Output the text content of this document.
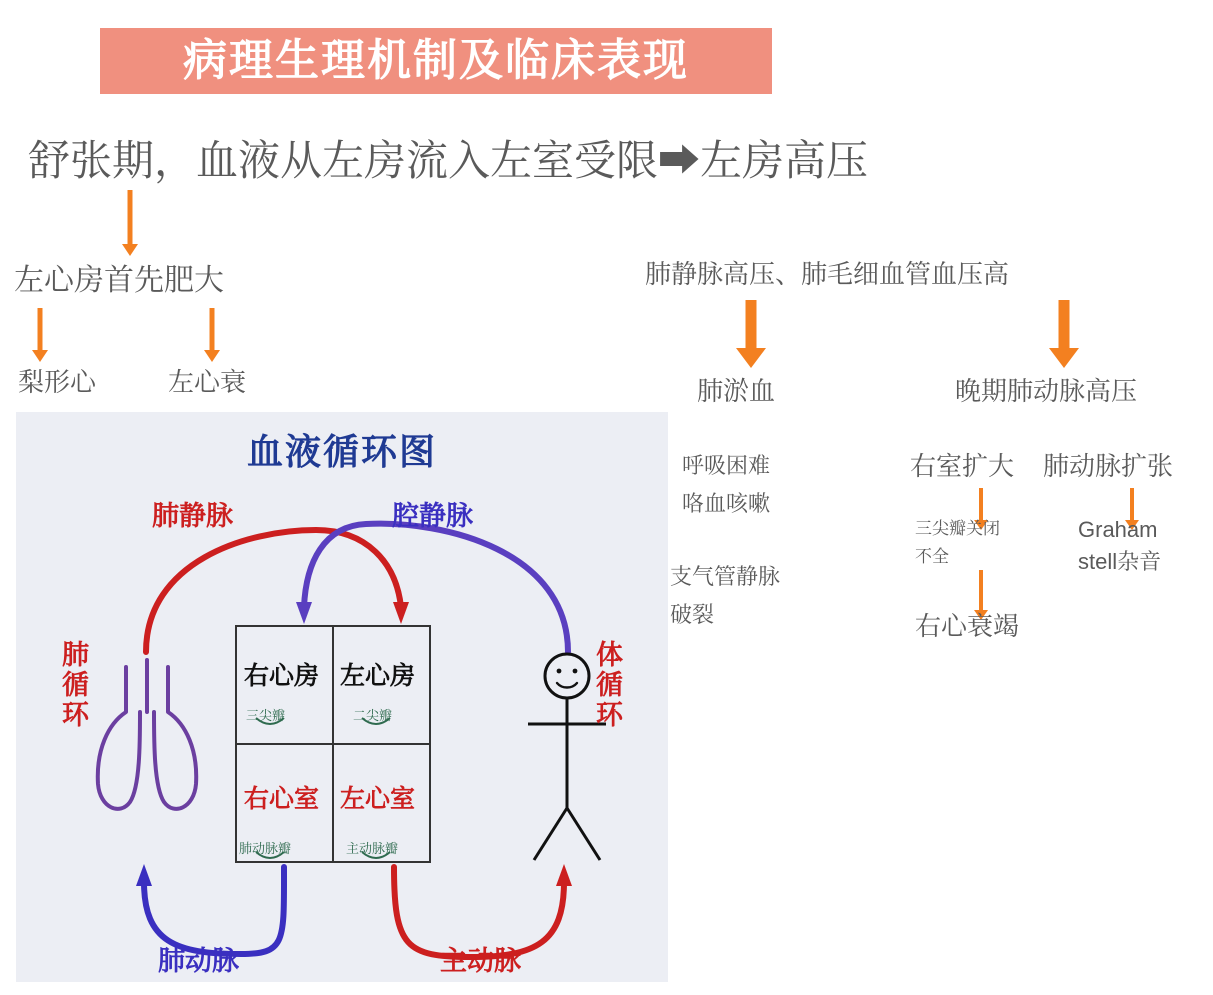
病理生理机制及临床表现
舒张期，血液从左房流入左室受限➡左房高压
左心房首先肥大
梨形心	左心衰
肺静脉高压、肺毛细血管血压高
肺淤血
呼吸困难
咯血咳嗽
支气管静脉
破裂
晚期肺动脉高压
右室扩大 肺动脉扩张
三尖瓣关闭
不全
Graham
stell杂音
右心衰竭
血液循环图
右心房 左心房
右心室 左心室
三尖瓣	二尖瓣
肺动脉瓣	主动脉瓣
肺静脉	腔静脉
肺循环	体循环
肺动脉	主动脉
